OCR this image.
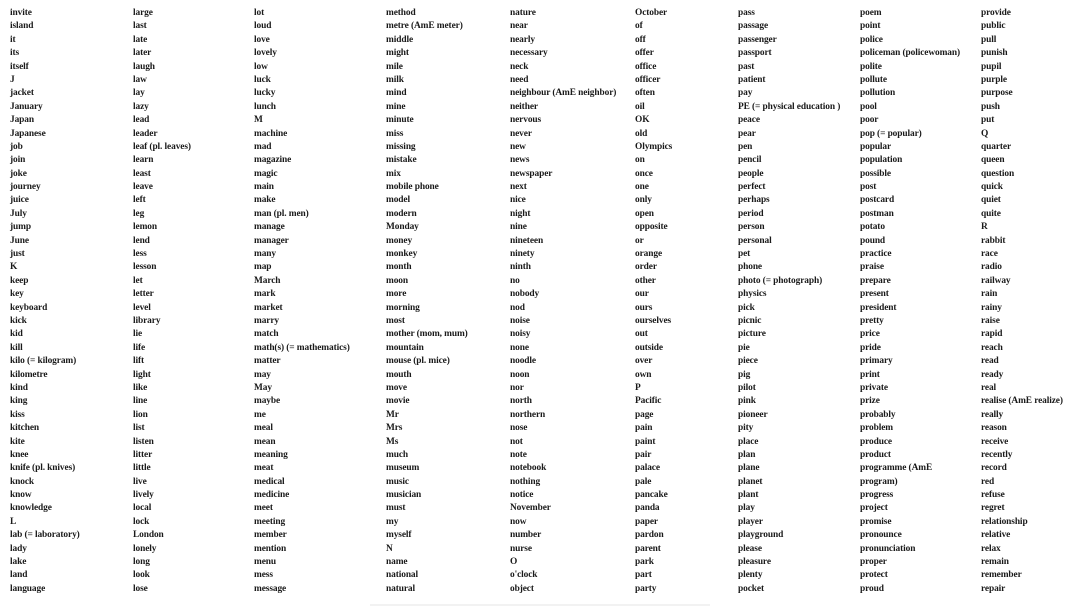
invite
island
it
its
itself
J
jacket
January
Japan
Japanese
job
join
joke
journey
juice
July
jump
June
just
K
keep
key
keyboard
kick
kid
kill
kilo (= kilogram)
kilometre
kind
king
kiss
kitchen
kite
knee
knife (pl. knives)
knock
know
knowledge
L
lab (= laboratory)
lady
lake
land
language
large
last
late
later
laugh
law
lay
lazy
lead
leader
leaf (pl. leaves)
learn
least
leave
left
leg
lemon
lend
less
lesson
let
letter
level
library
lie
life
lift
light
like
line
lion
list
listen
litter
little
live
lively
local
lock
London
lonely
long
look
lose
lot
loud
love
lovely
low
luck
lucky
lunch
M
machine
mad
magazine
magic
main
make
man (pl. men)
manage
manager
many
map
March
mark
market
marry
match
math(s) (= mathematics)
matter
may
May
maybe
me
meal
mean
meaning
meat
medical
medicine
meet
meeting
member
mention
menu
mess
message
method
metre (AmE meter)
middle
might
mile
milk
mind
mine
minute
miss
missing
mistake
mix
mobile phone
model
modern
Monday
money
monkey
month
moon
more
morning
most
mother (mom, mum)
mountain
mouse (pl. mice)
mouth
move
movie
Mr
Mrs
Ms
much
museum
music
musician
must
my
myself
N
name
national
natural
nature
near
nearly
necessary
neck
need
neighbour (AmE neighbor)
neither
nervous
never
new
news
newspaper
next
nice
night
nine
nineteen
ninety
ninth
no
nobody
nod
noise
noisy
none
noodle
noon
nor
north
northern
nose
not
note
notebook
nothing
notice
November
now
number
nurse
O
o'clock
object
October
of
off
offer
office
officer
often
oil
OK
old
Olympics
on
once
one
only
open
opposite
or
orange
order
other
our
ours
ourselves
out
outside
over
own
P
Pacific
page
pain
paint
pair
palace
pale
pancake
panda
paper
pardon
parent
park
part
party
pass
passage
passenger
passport
past
patient
pay
PE (= physical education )
peace
pear
pen
pencil
people
perfect
perhaps
period
person
personal
pet
phone
photo (= photograph)
physics
pick
picnic
picture
pie
piece
pig
pilot
pink
pioneer
pity
place
plan
plane
planet
plant
play
player
playground
please
pleasure
plenty
pocket
poem
point
police
policeman (policewoman)
polite
pollute
pollution
pool
poor
pop (= popular)
popular
population
possible
post
postcard
postman
potato
pound
practice
praise
prepare
present
president
pretty
price
pride
primary
print
private
prize
probably
problem
produce
product
programme (AmE
program)
progress
project
promise
pronounce
pronunciation
proper
protect
proud
provide
public
pull
punish
pupil
purple
purpose
push
put
Q
quarter
queen
question
quick
quiet
quite
R
rabbit
race
radio
railway
rain
rainy
raise
rapid
reach
read
ready
real
realise (AmE realize)
really
reason
receive
recently
record
red
refuse
regret
relationship
relative
relax
remain
remember
repair
